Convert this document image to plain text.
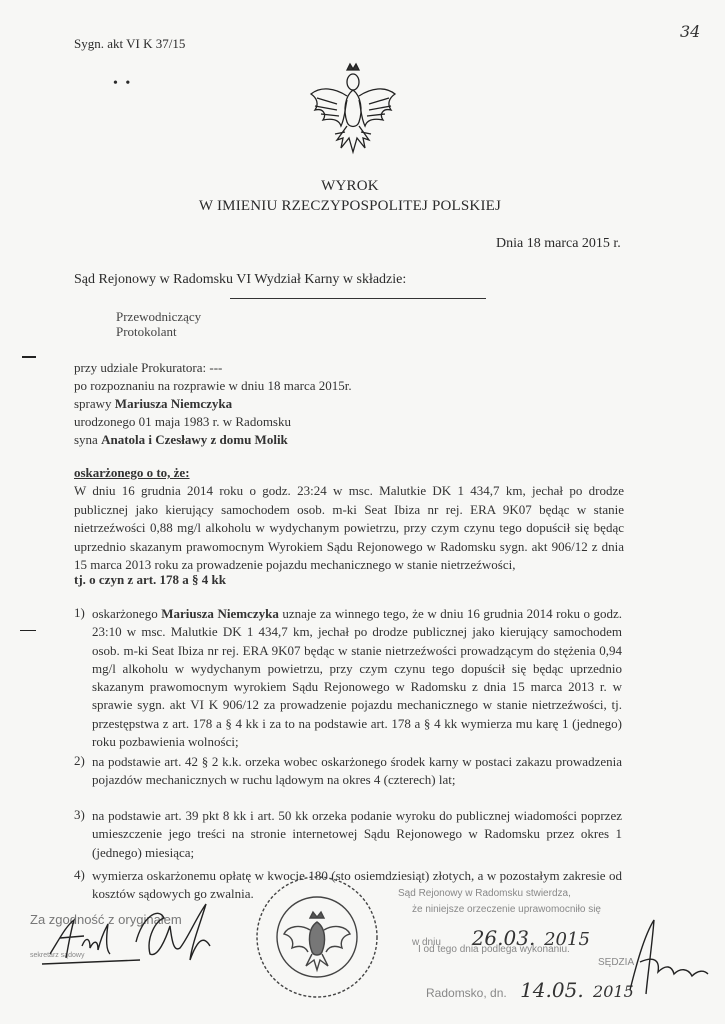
Sygn. akt VI K 37/15
34
• •
WYROK
W IMIENIU RZECZYPOSPOLITEJ POLSKIEJ
Dnia 18 marca 2015 r.
Sąd Rejonowy w Radomsku VI Wydział Karny w składzie:
Przewodniczący
Protokolant
przy udziale Prokuratora: ---
po rozpoznaniu na rozprawie w dniu 18 marca 2015r.
sprawy Mariusza Niemczyka
urodzonego 01 maja 1983 r. w Radomsku
syna Anatola i Czesławy z domu Molik
oskarżonego o to, że:
W dniu 16 grudnia 2014 roku o godz. 23:24 w msc. Malutkie DK 1 434,7 km, jechał po drodze publicznej jako kierujący samochodem osob. m-ki Seat Ibiza nr rej. ERA 9K07 będąc w stanie nietrzeźwości 0,88 mg/l alkoholu w wydychanym powietrzu, przy czym czynu tego dopuścił się będąc uprzednio skazanym prawomocnym Wyrokiem Sądu Rejonowego w Radomsku sygn. akt 906/12 z dnia 15 marca 2013 roku za prowadzenie pojazdu mechanicznego w stanie nietrzeźwości,
tj. o czyn z art. 178 a § 4 kk
1) oskarżonego Mariusza Niemczyka uznaje za winnego tego, że w dniu 16 grudnia 2014 roku o godz. 23:10 w msc. Malutkie DK 1 434,7 km, jechał po drodze publicznej jako kierujący samochodem osob. m-ki Seat Ibiza nr rej. ERA 9K07 będąc w stanie nietrzeźwości prowadzącym do stężenia 0,94 mg/l alkoholu w wydychanym powietrzu, przy czym czynu tego dopuścił się będąc uprzednio skazanym prawomocnym wyrokiem Sądu Rejonowego w Radomsku z dnia 15 marca 2013 r. w sprawie sygn. akt VI K 906/12 za prowadzenie pojazdu mechanicznego w stanie nietrzeźwości, tj. przestępstwa z art. 178 a § 4 kk i za to na podstawie art. 178 a § 4 kk wymierza mu karę 1 (jednego) roku pozbawienia wolności;
2) na podstawie art. 42 § 2 k.k. orzeka wobec oskarżonego środek karny w postaci zakazu prowadzenia pojazdów mechanicznych w ruchu lądowym na okres 4 (czterech) lat;
3) na podstawie art. 39 pkt 8 kk i art. 50 kk orzeka podanie wyroku do publicznej wiadomości poprzez umieszczenie jego treści na stronie internetowej Sądu Rejonowego w Radomsku przez okres 1 (jednego) miesiąca;
4) wymierza oskarżonemu opłatę w kwocie 180 (sto osiemdziesiąt) złotych, a w pozostałym zakresie od kosztów sądowych go zwalnia.
Za zgodność z oryginałem
sekretarz sądowy
Sąd Rejonowy w Radomsku stwierdza,
że niniejsze orzeczenie uprawomocniło się
w dniu 26.03. 2015
I od tego dnia podlega wykonaniu.
SĘDZIA
Radomsko, dn. 14.05. 2015
